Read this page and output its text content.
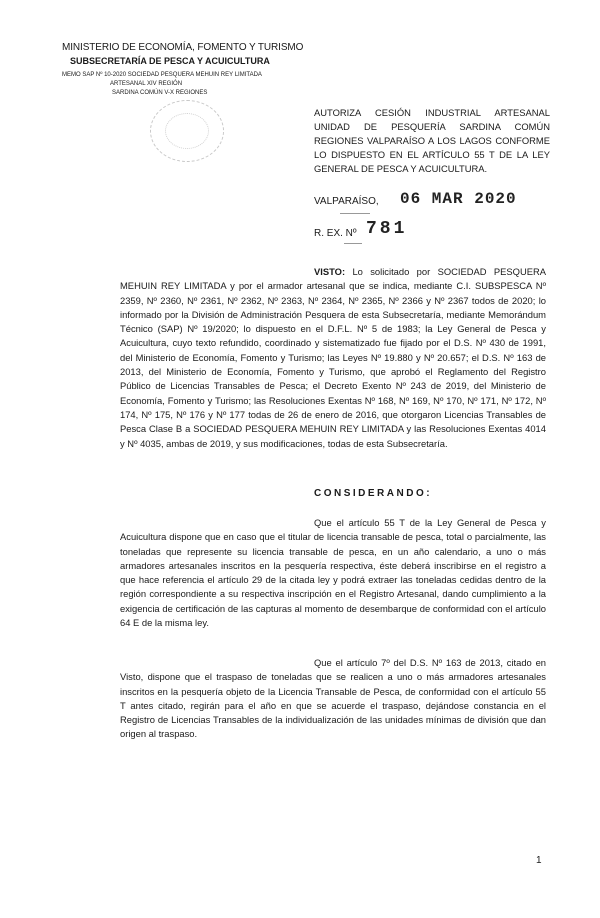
MINISTERIO DE ECONOMÍA, FOMENTO Y TURISMO
SUBSECRETARÍA DE PESCA Y ACUICULTURA
MEMO SAP Nº 10-2020 SOCIEDAD PESQUERA MEHUIN REY LIMITADA
ARTESANAL XIV REGIÓN
SARDINA COMÚN V-X REGIONES
AUTORIZA CESIÓN INDUSTRIAL ARTESANAL UNIDAD DE PESQUERÍA SARDINA COMÚN REGIONES VALPARAÍSO A LOS LAGOS CONFORME LO DISPUESTO EN EL ARTÍCULO 55 T DE LA LEY GENERAL DE PESCA Y ACUICULTURA.
VALPARAÍSO, 06 MAR 2020
R. EX. Nº 781
VISTO: Lo solicitado por SOCIEDAD PESQUERA MEHUIN REY LIMITADA y por el armador artesanal que se indica, mediante C.I. SUBSPESCA Nº 2359, Nº 2360, Nº 2361, Nº 2362, Nº 2363, Nº 2364, Nº 2365, Nº 2366 y Nº 2367 todos de 2020; lo informado por la División de Administración Pesquera de esta Subsecretaría, mediante Memorándum Técnico (SAP) Nº 19/2020; lo dispuesto en el D.F.L. Nº 5 de 1983; la Ley General de Pesca y Acuicultura, cuyo texto refundido, coordinado y sistematizado fue fijado por el D.S. Nº 430 de 1991, del Ministerio de Economía, Fomento y Turismo; las Leyes Nº 19.880 y Nº 20.657; el D.S. Nº 163 de 2013, del Ministerio de Economía, Fomento y Turismo, que aprobó el Reglamento del Registro Público de Licencias Transables de Pesca; el Decreto Exento Nº 243 de 2019, del Ministerio de Economía, Fomento y Turismo; las Resoluciones Exentas Nº 168, Nº 169, Nº 170, Nº 171, Nº 172, Nº 174, Nº 175, Nº 176 y Nº 177 todas de 26 de enero de 2016, que otorgaron Licencias Transables de Pesca Clase B a SOCIEDAD PESQUERA MEHUIN REY LIMITADA y las Resoluciones Exentas 4014 y Nº 4035, ambas de 2019, y sus modificaciones, todas de esta Subsecretaría.
CONSIDERANDO:
Que el artículo 55 T de la Ley General de Pesca y Acuicultura dispone que en caso que el titular de licencia transable de pesca, total o parcialmente, las toneladas que represente su licencia transable de pesca, en un año calendario, a uno o más armadores artesanales inscritos en la pesquería respectiva, éste deberá inscribirse en el registro a que hace referencia el artículo 29 de la citada ley y podrá extraer las toneladas cedidas dentro de la región correspondiente a su respectiva inscripción en el Registro Artesanal, dando cumplimiento a la exigencia de certificación de las capturas al momento de desembarque de conformidad con el artículo 64 E de la misma ley.
Que el artículo 7º del D.S. Nº 163 de 2013, citado en Visto, dispone que el traspaso de toneladas que se realicen a uno o más armadores artesanales inscritos en la pesquería objeto de la Licencia Transable de Pesca, de conformidad con el artículo 55 T antes citado, regirán para el año en que se acuerde el traspaso, dejándose constancia en el Registro de Licencias Transables de la individualización de las unidades mínimas de división que dan origen al traspaso.
1
